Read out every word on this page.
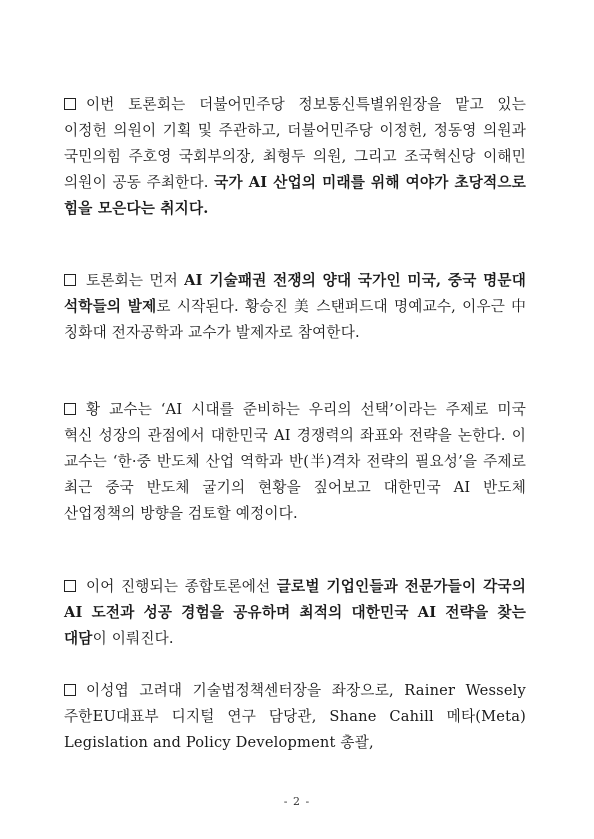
이번 토론회는 더불어민주당 정보통신특별위원장을 맡고 있는 이정헌 의원이 기획 및 주관하고, 더불어민주당 이정헌, 정동영 의원과 국민의힘 주호영 국회부의장, 최형두 의원, 그리고 조국혁신당 이해민 의원이 공동 주최한다. 국가 AI 산업의 미래를 위해 여야가 초당적으로 힘을 모은다는 취지다.
토론회는 먼저 AI 기술패권 전쟁의 양대 국가인 미국, 중국 명문대 석학들의 발제로 시작된다. 황승진 美 스탠퍼드대 명예교수, 이우근 中 칭화대 전자공학과 교수가 발제자로 참여한다.
황 교수는 ‘AI 시대를 준비하는 우리의 선택’이라는 주제로 미국 혁신 성장의 관점에서 대한민국 AI 경쟁력의 좌표와 전략을 논한다. 이 교수는 ‘한·중 반도체 산업 역학과 반(半)격차 전략의 필요성’을 주제로 최근 중국 반도체 굴기의 현황을 짚어보고 대한민국 AI 반도체 산업정책의 방향을 검토할 예정이다.
이어 진행되는 종합토론에선 글로벌 기업인들과 전문가들이 각국의 AI 도전과 성공 경험을 공유하며 최적의 대한민국 AI 전략을 찾는 대담이 이뤄진다.
이성엽 고려대 기술법정책센터장을 좌장으로, Rainer Wessely 주한EU대표부 디지털 연구 담당관, Shane Cahill 메타(Meta) Legislation and Policy Development 총괄,
- 2 -
